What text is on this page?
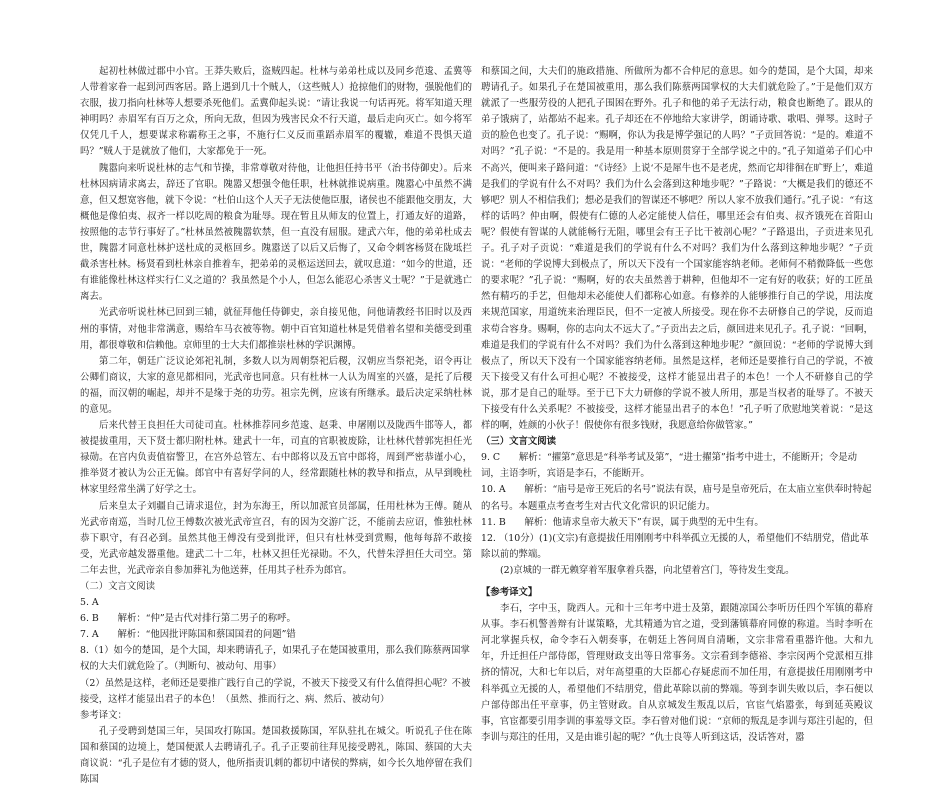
起初杜林做过郡中小官。王莽失败后，盗贼四起。杜林与弟弟杜成以及同乡范逡、孟冀等人带着家眷一起到河西客居。路上遇到几十个贼人，（这些贼人）抢掠他们的财物，强脱他们的衣服，拔刀指向杜林等人想要杀死他们。孟冀仰起头说：“请让我说一句话再死。将军知道天理神明吗？赤眉军有百万之众，所向无敌，但因为残害民众不行天道，最后走向灭亡。如今将军仅凭几千人，想要谋求称霸称王之事，不施行仁义反而重蹈赤眉军的覆辙，难道不畏惧天道吗？”贼人于是就放了他们，大家都免于一死。

隗嚣向来听说杜林的志气和节操，非常尊敬对待他，让他担任持书平（治书侍御史）。后来杜林因病请求离去，辞还了官职。隗嚣又想强令他任职，杜林就推说病重。隗嚣心中虽然不满意，但又想宽容他，就下令说：“杜伯山这个人天子无法使他臣服，诸侯也不能跟他交朋友，大概他是像伯夷、叔齐一样以吃周的粮食为耻辱。现在暂且从师友的位置上，打通友好的道路，按照他的志节行事好了。”杜林虽然被隗嚣软禁，但一直没有屈服。建武六年，他的弟弟杜成去世，隗嚣才同意杜林护送杜成的灵柩回乡。隗嚣送了以后又后悔了，又命令刺客杨贤在陇坻拦截杀害杜林。杨贤看到杜林亲自推着车，把弟弟的灵柩运送回去，就叹息道：“如今的世道，还有谁能像杜林这样实行仁义之道的？我虽然是个小人，但怎么能忍心杀害义士呢？”于是就逃亡离去。

光武帝听说杜林已回到三辅，就征拜他任侍御史，亲自接见他，问他请教经书旧时以及西州的事情，对他非常满意，赐给车马衣被等物。朝中百官知道杜林是凭借着名望和美德受到重用，都很尊敬和信赖他。京师里的士大夫们都推崇杜林的学识渊博。

第二年，朝廷广泛议论郊祀礼制，多数人以为周朝祭祀后稷，汉朝应当祭祀尧，诏令再让公卿们商议，大家的意见都相同，光武帝也同意。只有杜林一人认为周室的兴盛，是托了后稷的福，而汉朝的崛起，却并不是缘于尧的功劳。祖宗先例，应该有所继承。最后决定采纳杜林的意见。

后来代替王良担任大司徒司直。杜林推荐同乡范逡、赵秉、申屠刚以及陇西牛邯等人，都被提拔重用，天下贤士都归附杜林。建武十一年，司直的官职被废除，让杜林代替郭宪担任光禄勋。在宫内负责值宿警卫，在宫外总管左、右中郎将以及五官中郎将，周到严密恭谨小心，推举贤才被认为公正无偏。郎官中有喜好学问的人，经常跟随杜林的教导和指点，从早到晚杜林家里经常坐满了好学之士。

后来皇太子刘疆自己请求退位，封为东海王，所以加派官员部属，任用杜林为王傅。随从光武帝南巡，当时几位王傅数次被光武帝宣召，有的因为交游广泛，不能前去应诏，惟独杜林恭下职守，有召必到。虽然其他王傅没有受到批评，但只有杜林受到赏赐，他每每辞不敢接受，光武帝越发器重他。建武二十二年，杜林又担任光禄勋。不久，代替朱浮担任大司空。第二年去世，光武帝亲自参加葬礼为他送葬，任用其子杜乔为郎官。

（二）文言文阅读

5. A

6. B　　解析：“仲”是古代对排行第二男子的称呼。

7. A　　解析：“他因批评陈国和蔡国国君的问题”错

8.（1）如今的楚国，是个大国，却来聘请孔子，如果孔子在楚国被重用，那么我们陈蔡两国掌权的大夫们就危险了。（判断句、被动句、用事）

（2）虽然是这样，老师还是要推广践行自己的学说，不被天下接受又有什么值得担心呢？不被接受，这样才能显出君子的本色！（虽然、推而行之、病、然后、被动句）

参考译文：

孔子受聘到楚国三年，吴国攻打陈国。楚国救援陈国，军队驻扎在城父。听说孔子住在陈国和蔡国的边境上，楚国便派人去聘请孔子。孔子正要前往拜见接受聘礼，陈国、蔡国的大夫商议说：“孔子是位有才德的贤人，他所指责讥刺的都切中诸侯的弊病，如今长久地停留在我们陈国

和蔡国之间，大夫们的施政措施、所做所为都不合仲尼的意思。如今的楚国，是个大国，却来聘请孔子。如果孔子在楚国被重用，那么我们陈蔡两国掌权的大夫们就危险了。”于是他们双方就派了一些服劳役的人把孔子围困在野外。孔子和他的弟子无法行动，粮食也断绝了。跟从的弟子饿病了，站都站不起来。孔子却还在不停地给大家讲学，朗诵诗歌、歌唱、弹琴。这时子贡的脸色也变了。孔子说：“赐啊，你认为我是博学强记的人吗？”子贡回答说：“是的。难道不对吗？”孔子说：“不是的。我是用一种基本原则贯穿于全部学说之中的。”孔子知道弟子们心中不高兴，便叫来子路问道：“《诗经》上说‘不是犀牛也不是老虎，然而它却徘徊在旷野上’，难道是我们的学说有什么不对吗？我们为什么会落到这种地步呢？”子路说：“大概是我们的德还不够吧？别人不相信我们；想必是我们的智谋还不够吧？所以人家不放我们通行。”孔子说：“有这样的话吗？仲由啊，假使有仁德的人必定能使人信任，哪里还会有伯夷、叔齐饿死在首阳山呢？假使有智谋的人就能畅行无阻，哪里会有王子比干被剖心呢？”子路退出，子贡进来见孔子。孔子对子贡说：“难道是我们的学说有什么不对吗？我们为什么落到这种地步呢？”子贡说：“老师的学说博大到极点了，所以天下没有一个国家能容纳老师。老师何不稍微降低一些您的要求呢？”孔子说：“赐啊，好的农夫虽然善于耕种，但他却不一定有好的收获；好的工匠虽然有精巧的手艺，但他却未必能使人们都称心如意。有修养的人能够推行自己的学说，用法度来规范国家，用道统来治理臣民，但不一定被人所接受。现在你不去研修自己的学说，反而追求苟合容身。赐啊，你的志向太不远大了。”子贡出去之后，颜回进来见孔子。孔子说：“回啊，难道是我们的学说有什么不对吗？我们为什么落到这种地步呢？”颜回说：“老师的学说博大到极点了，所以天下没有一个国家能容纳老师。虽然是这样，老师还是要推行自己的学说，不被天下接受又有什么可担心呢？不被接受，这样才能显出君子的本色！一个人不研修自己的学说，那才是自己的耻辱。至于已下大力研修的学说不被人所用，那是当权者的耻辱了。不被天下接受有什么关系呢？不被接受，这样才能显出君子的本色！”孔子听了欣慰地笑着说：“是这样的啊，姓颜的小伙子！假使你有很多钱财，我愿意给你做管家。”

（三）文言文阅读

9. C　　解析：“擢第”意思是“科举考试及第”，“进士擢第”指考中进士，不能断开；令是动词，主语李听，宾语是李石，不能断开。

10. A　　解析：“庙号是帝王死后的名号”说法有误，庙号是皇帝死后，在太庙立室供奉时特起的名号。本题重点考查考生对古代文化常识的识记能力。

11. B　　解析：他请求皇帝大赦天下”有误，属于典型的无中生有。

12. （10分）(1)(文宗)有意提拔任用刚刚考中科举孤立无援的人，希望他们不结朋党，借此革除以前的弊端。

(2)京城的一群无赖穿着军服拿着兵器，向北望着宫门，等待发生变乱。

【参考译文】

李石，字中玉，陇西人。元和十三年考中进士及第，跟随凉国公李听历任四个军镇的幕府从事。李石机警善辩有计谋策略，尤其精通为官之道，受到藩镇幕府同僚的称道。当时李听在河北掌握兵权，命令李石入朝奏事，在朝廷上答问周自清晰，文宗非常看重器许他。大和九年，升迁担任户部侍郎，管理财政支出等日常事务。文宗看到李德裕、李宗闵两个党派相互排挤的情况，大和七年以后，对年高望重的大臣都心存疑虑而不加任用，有意提拔任用刚刚考中科举孤立无援的人，希望他们不结朋党，借此革除以前的弊端。等到李训失败以后，李石便以户部侍郎出任平章事，仍主管财政。自从京城发生叛乱以后，官宦气焰嚣张，每到延英殿议事，官宦都要引用李训的事羞辱文臣。李石曾对他们说：“京师的叛乱是李训与郑注引起的，但李训与郑注的任用，又是由谁引起的呢？”仇士良等人听到这话，没话答对，嚣
